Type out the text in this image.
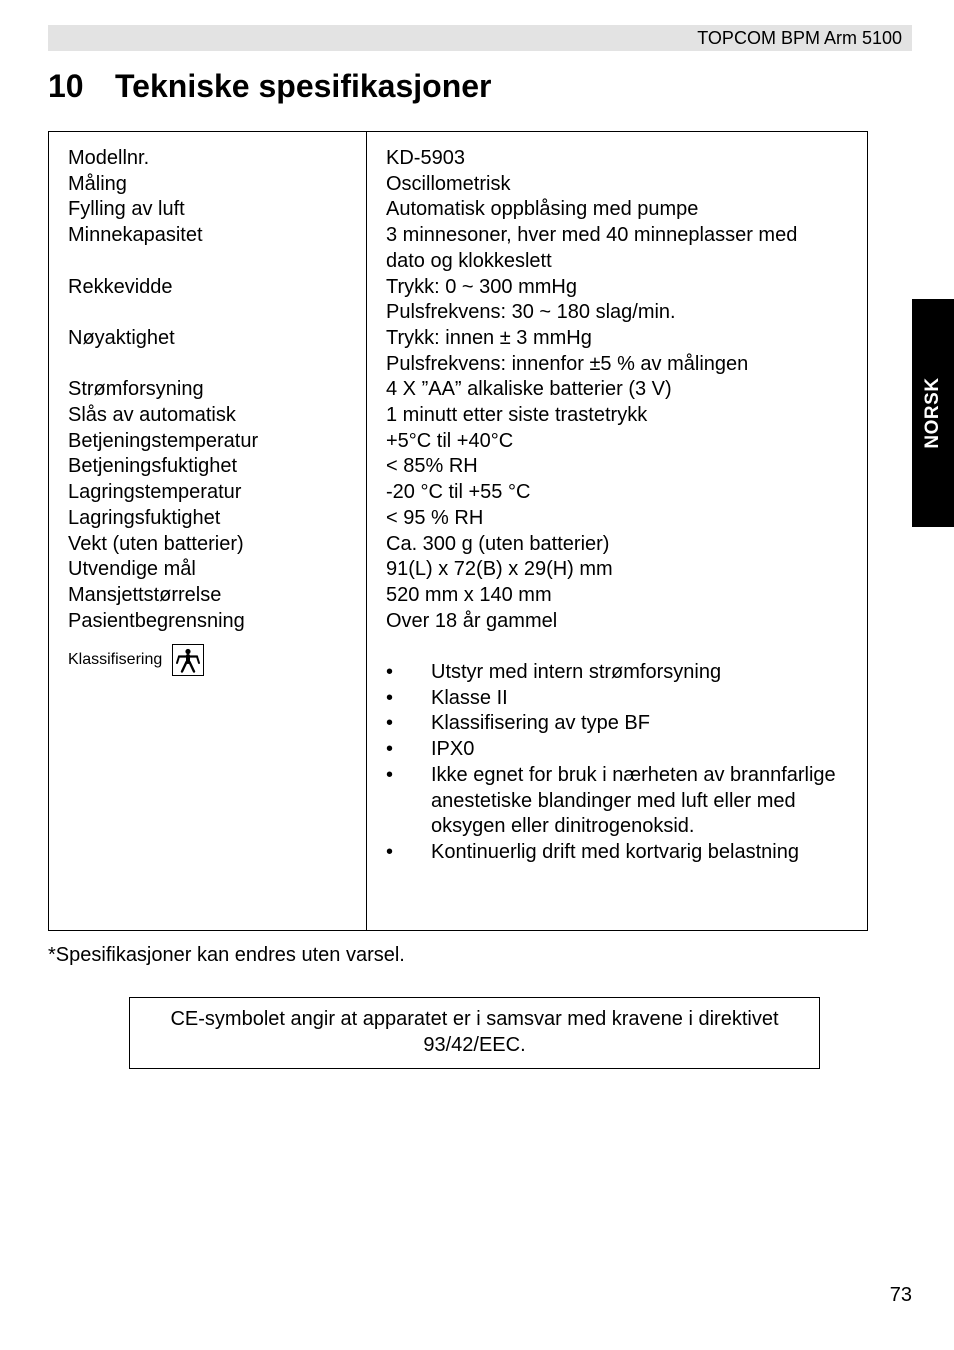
TOPCOM BPM Arm 5100
10 Tekniske spesifikasjoner
Modellnr.
Måling
Fylling av luft
Minnekapasitet
Rekkevidde
Nøyaktighet
Strømforsyning
Slås av automatisk
Betjeningstemperatur
Betjeningsfuktighet
Lagringstemperatur
Lagringsfuktighet
Vekt (uten batterier)
Utvendige mål
Mansjettstørrelse
Pasientbegrensning
Klassifisering
KD-5903
Oscillometrisk
Automatisk oppblåsing med pumpe
3 minnesoner, hver med 40 minneplasser med
dato og klokkeslett
Trykk: 0 ~ 300 mmHg
Pulsfrekvens: 30 ~ 180 slag/min.
Trykk: innen ± 3 mmHg
Pulsfrekvens: innenfor ±5 % av målingen
4 X ”AA” alkaliske batterier (3 V)
1 minutt etter siste trastetrykk
+5°C til +40°C
< 85% RH
-20 °C til +55 °C
< 95 % RH
Ca. 300 g (uten batterier)
91(L) x 72(B) x 29(H) mm
520 mm x 140 mm
Over 18 år gammel
• Utstyr med intern strømforsyning
• Klasse II
• Klassifisering av type BF
• IPX0
• Ikke egnet for bruk i nærheten av brannfarlige anestetiske blandinger med luft eller med oksygen eller dinitrogenoksid.
• Kontinuerlig drift med kortvarig belastning
*Spesifikasjoner kan endres uten varsel.
CE-symbolet angir at apparatet er i samsvar med kravene i direktivet
93/42/EEC.
NORSK
73
